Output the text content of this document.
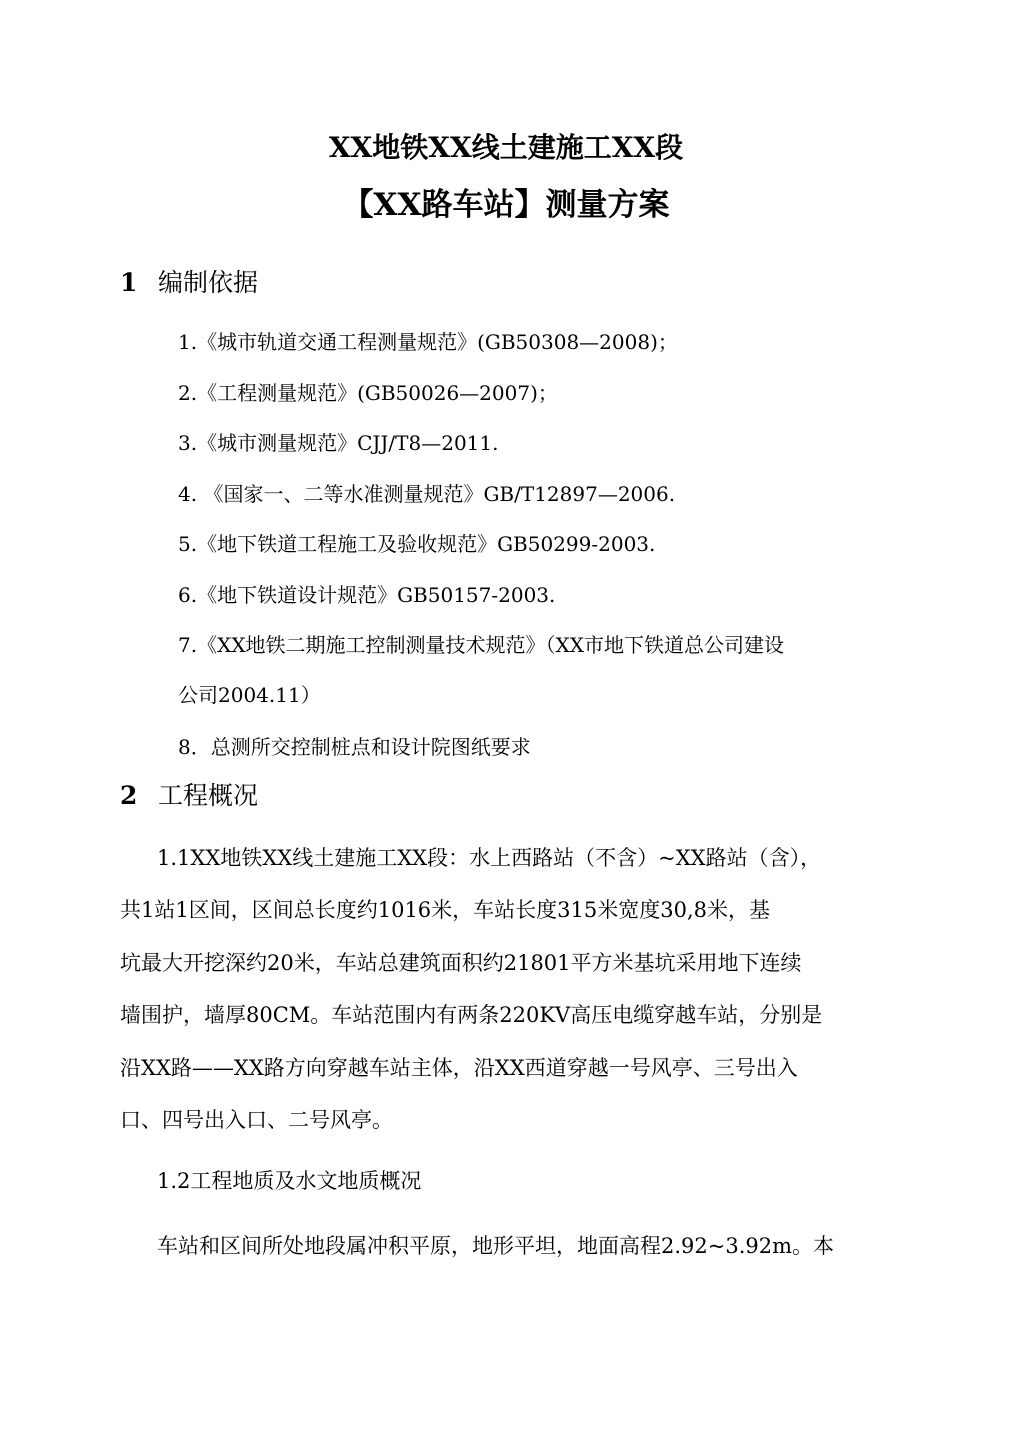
XX地铁XX线土建施工XX段
【XX路车站】测量方案
1 编制依据
1.《城市轨道交通工程测量规范》(GB50308—2008)；
2.《工程测量规范》(GB50026—2007)；
3.《城市测量规范》CJJ/T8—2011.
4. 《国家一、二等水准测量规范》GB/T12897—2006.
5.《地下铁道工程施工及验收规范》GB50299-2003.
6.《地下铁道设计规范》GB50157-2003.
7.《XX地铁二期施工控制测量技术规范》（XX市地下铁道总公司建设
公司2004.11）
8．总测所交控制桩点和设计院图纸要求
2 工程概况
1.1XX地铁XX线土建施工XX段：水上西路站（不含）~XX路站（含），
共1站1区间，区间总长度约1016米，车站长度315米宽度30,8米，基
坑最大开挖深约20米，车站总建筑面积约21801平方米基坑采用地下连续
墙围护，墙厚80CM。车站范围内有两条220KV高压电缆穿越车站，分别是
沿XX路——XX路方向穿越车站主体，沿XX西道穿越一号风亭、三号出入
口、四号出入口、二号风亭。
1.2工程地质及水文地质概况
车站和区间所处地段属冲积平原，地形平坦，地面高程2.92~3.92m。本
